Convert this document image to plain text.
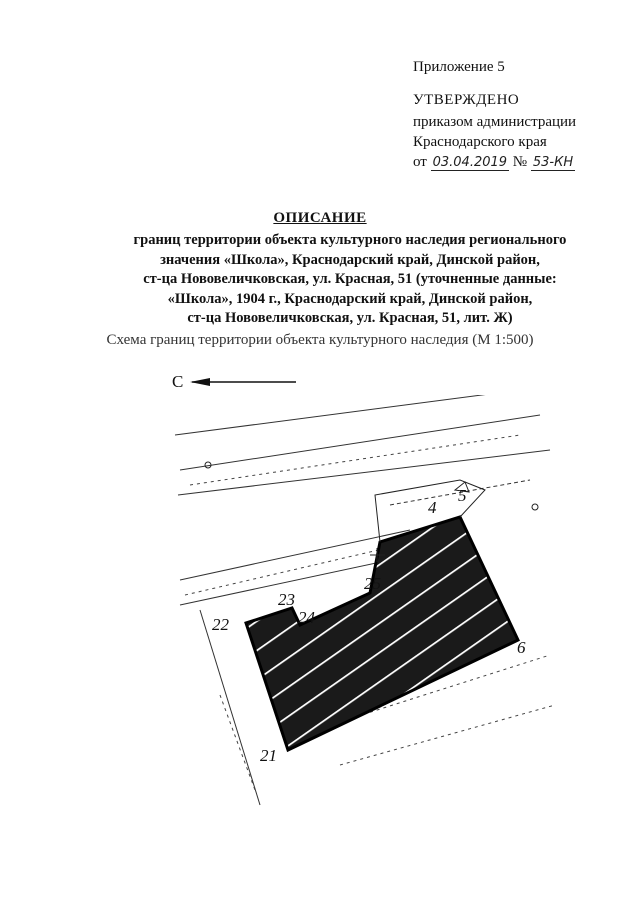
Приложение 5
УТВЕРЖДЕНО
приказом администрации
Краснодарского края
от 03.04.2019 № 53-КН
ОПИСАНИЕ
границ территории объекта культурного наследия регионального
значения «Школа», Краснодарский край, Динской район,
ст-ца Нововеличковская, ул. Красная, 51 (уточненные данные:
«Школа», 1904 г., Краснодарский край, Динской район,
ст-ца Нововеличковская, ул. Красная, 51, лит. Ж)
Схема границ территории объекта культурного наследия (М 1:500)
С
4
5
6
21
22
23
24
25
